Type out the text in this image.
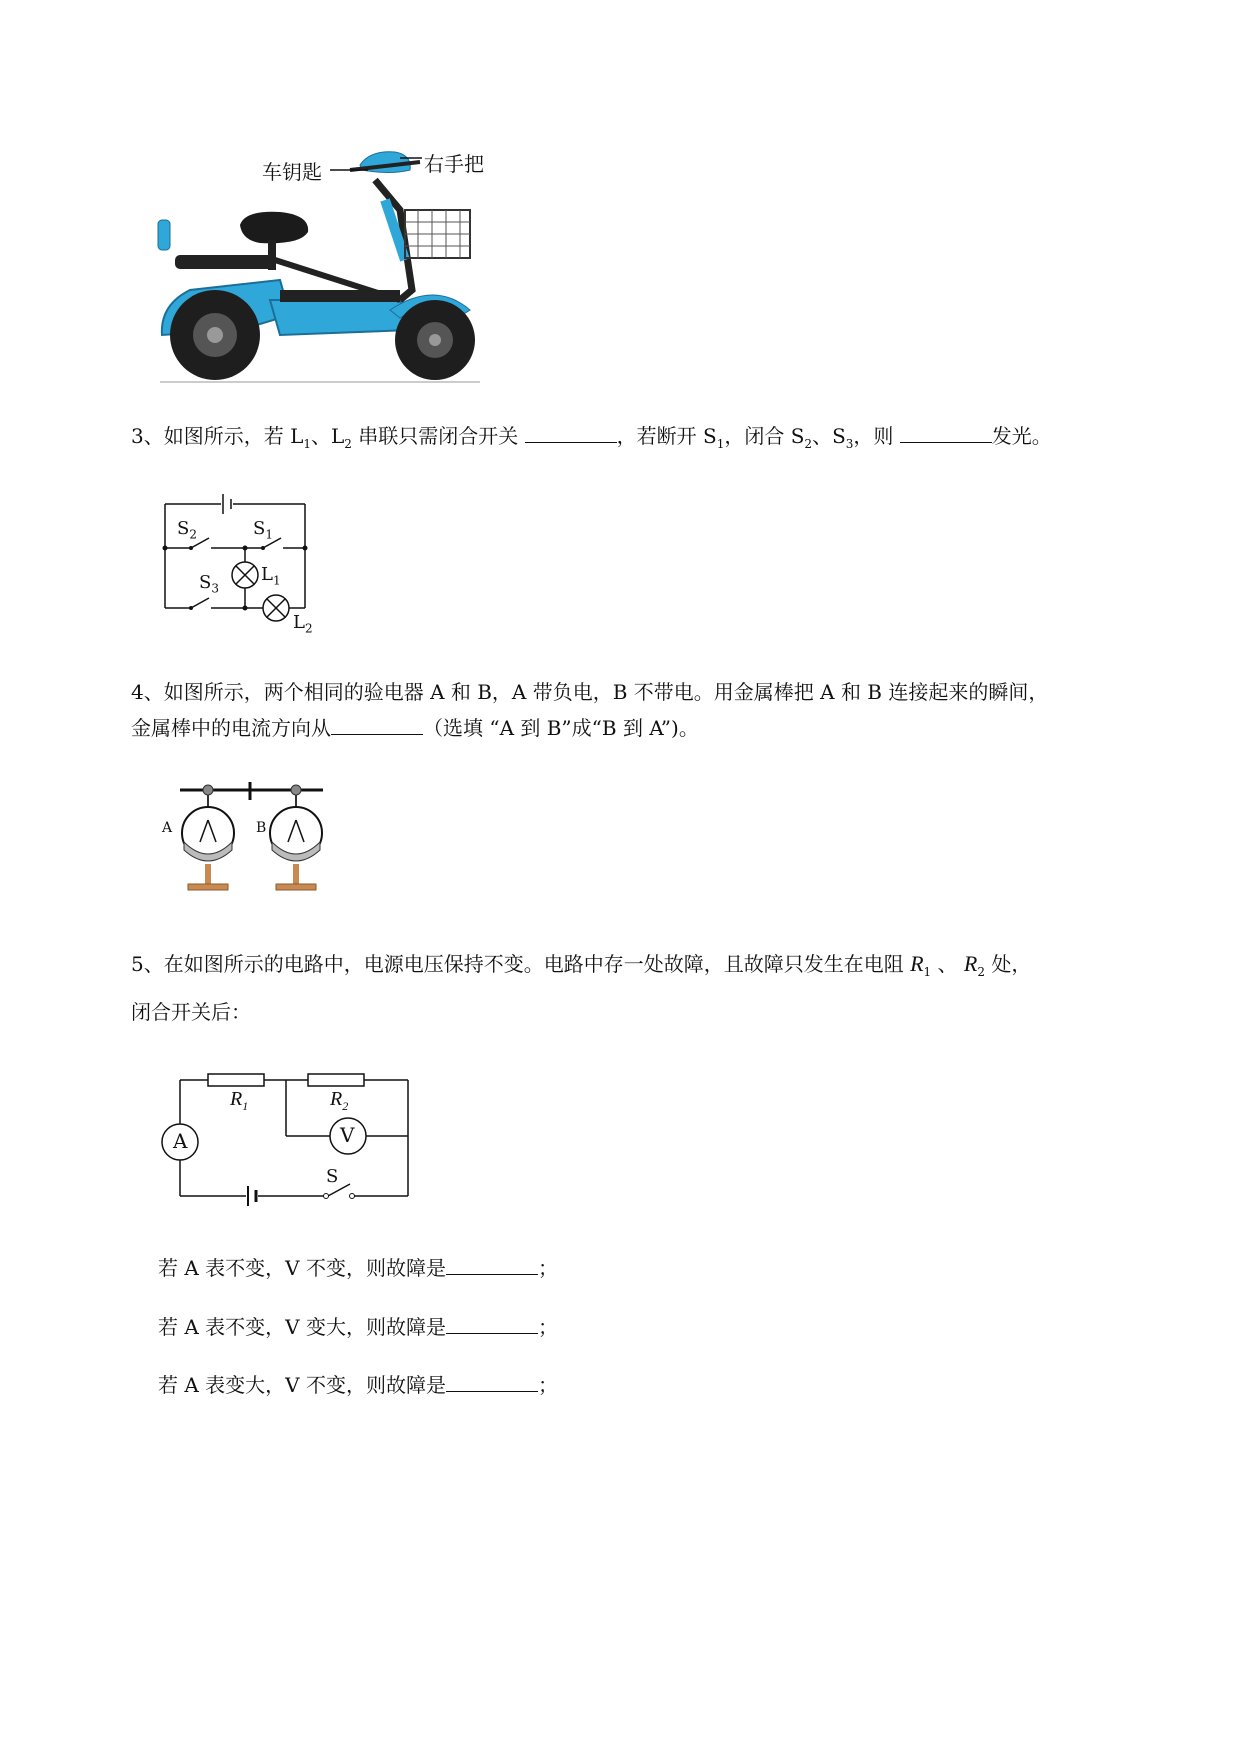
车钥匙	右手把
3、如图所示，若 $L_1$、$L_2$ 串联只需闭合开关	，若断开 $S_1$，闭合 $S_2$、$S_3$，则	发光。
$S_2$	$S_1$
$S_3$
$L_1$
$L_2$
4、如图所示，两个相同的验电器 A 和 B，A 带负电，B 不带电。用金属棒把 A 和 B 连接起来的瞬间，
金属棒中的电流方向从	（选填 “A 到 B”成“B 到 A”)。
A	B
5、在如图所示的电路中，电源电压保持不变。电路中存一处故障，且故障只发生在电阻 $R_1$ 、 $R_2$ 处，
闭合开关后：
$R_1$	$R_2$
A	V
S
若 A 表不变，V 不变，则故障是	；
若 A 表不变，V 变大，则故障是	；
若 A 表变大，V 不变，则故障是	；
